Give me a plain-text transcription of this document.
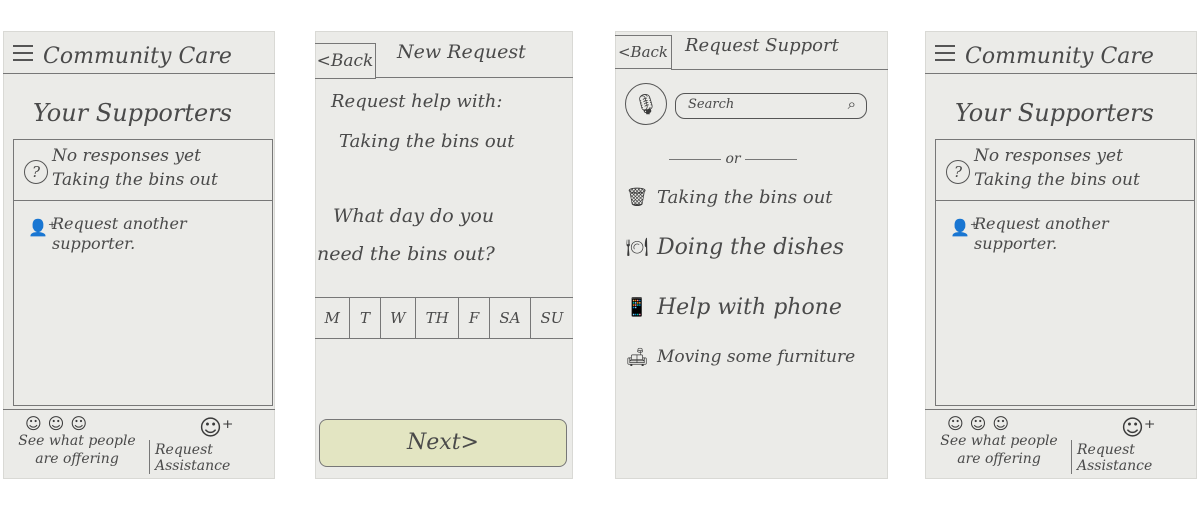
Community Care
Your Supporters
?
No responses yet
Taking the bins out
👤⁺
Request another supporter.
☺☺☺
See what people are offering
☺⁺
Request Assistance
<Back New Request
Request help with:
Taking the bins out
What day do you
need the bins out?
M	T	W	TH	F	SA	SU
Next>
<Back Request Support
🎙	Search	⌕
or
🗑 Taking the bins out
🍽 Doing the dishes
📱 Help with phone
🛋 Moving some furniture
Community Care
Your Supporters
?
No responses yet
Taking the bins out
👤⁺
Request another supporter.
☺☺☺
See what people are offering
☺⁺
Request Assistance
